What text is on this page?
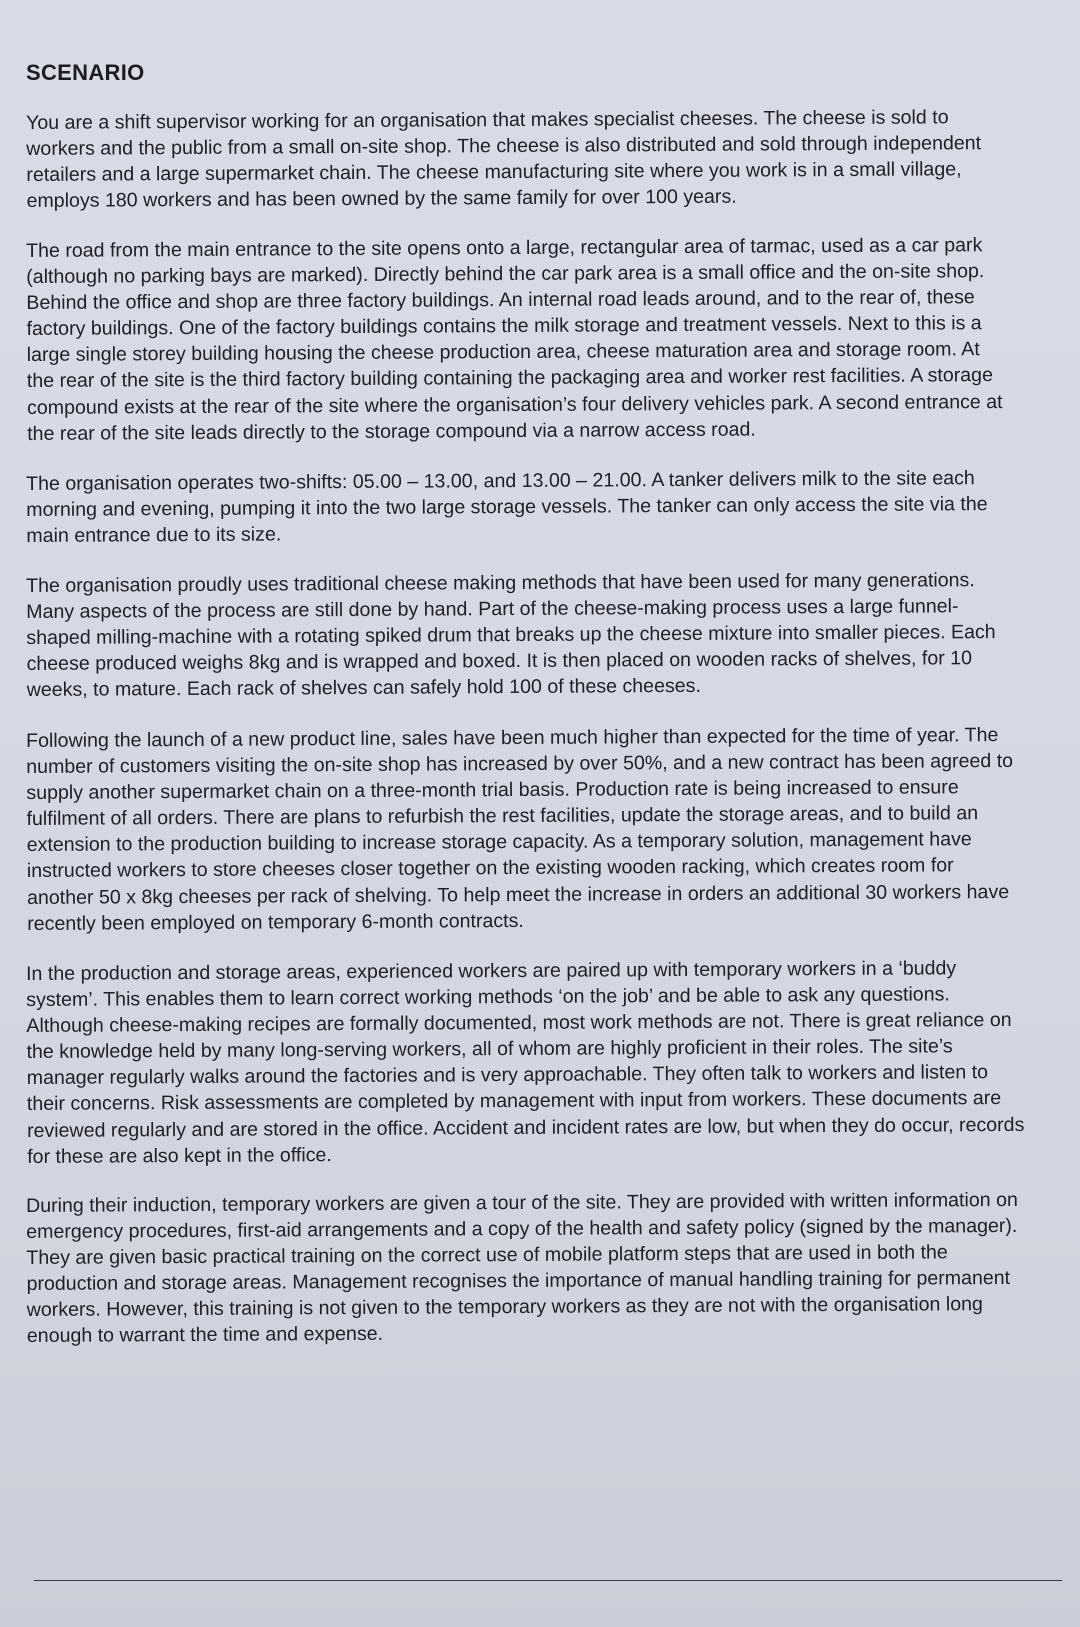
SCENARIO

You are a shift supervisor working for an organisation that makes specialist cheeses. The cheese is sold to workers and the public from a small on-site shop. The cheese is also distributed and sold through independent retailers and a large supermarket chain. The cheese manufacturing site where you work is in a small village, employs 180 workers and has been owned by the same family for over 100 years.

The road from the main entrance to the site opens onto a large, rectangular area of tarmac, used as a car park (although no parking bays are marked). Directly behind the car park area is a small office and the on-site shop. Behind the office and shop are three factory buildings. An internal road leads around, and to the rear of, these factory buildings. One of the factory buildings contains the milk storage and treatment vessels. Next to this is a large single storey building housing the cheese production area, cheese maturation area and storage room. At the rear of the site is the third factory building containing the packaging area and worker rest facilities. A storage compound exists at the rear of the site where the organisation’s four delivery vehicles park. A second entrance at the rear of the site leads directly to the storage compound via a narrow access road.

The organisation operates two-shifts: 05.00 – 13.00, and 13.00 – 21.00. A tanker delivers milk to the site each morning and evening, pumping it into the two large storage vessels. The tanker can only access the site via the main entrance due to its size.

The organisation proudly uses traditional cheese making methods that have been used for many generations. Many aspects of the process are still done by hand. Part of the cheese-making process uses a large funnel-shaped milling-machine with a rotating spiked drum that breaks up the cheese mixture into smaller pieces. Each cheese produced weighs 8kg and is wrapped and boxed. It is then placed on wooden racks of shelves, for 10 weeks, to mature. Each rack of shelves can safely hold 100 of these cheeses.

Following the launch of a new product line, sales have been much higher than expected for the time of year. The number of customers visiting the on-site shop has increased by over 50%, and a new contract has been agreed to supply another supermarket chain on a three-month trial basis. Production rate is being increased to ensure fulfilment of all orders. There are plans to refurbish the rest facilities, update the storage areas, and to build an extension to the production building to increase storage capacity. As a temporary solution, management have instructed workers to store cheeses closer together on the existing wooden racking, which creates room for another 50 x 8kg cheeses per rack of shelving. To help meet the increase in orders an additional 30 workers have recently been employed on temporary 6-month contracts.

In the production and storage areas, experienced workers are paired up with temporary workers in a ‘buddy system’. This enables them to learn correct working methods ‘on the job’ and be able to ask any questions. Although cheese-making recipes are formally documented, most work methods are not. There is great reliance on the knowledge held by many long-serving workers, all of whom are highly proficient in their roles. The site’s manager regularly walks around the factories and is very approachable. They often talk to workers and listen to their concerns. Risk assessments are completed by management with input from workers. These documents are reviewed regularly and are stored in the office. Accident and incident rates are low, but when they do occur, records for these are also kept in the office.

During their induction, temporary workers are given a tour of the site. They are provided with written information on emergency procedures, first-aid arrangements and a copy of the health and safety policy (signed by the manager). They are given basic practical training on the correct use of mobile platform steps that are used in both the production and storage areas. Management recognises the importance of manual handling training for permanent workers. However, this training is not given to the temporary workers as they are not with the organisation long enough to warrant the time and expense.
